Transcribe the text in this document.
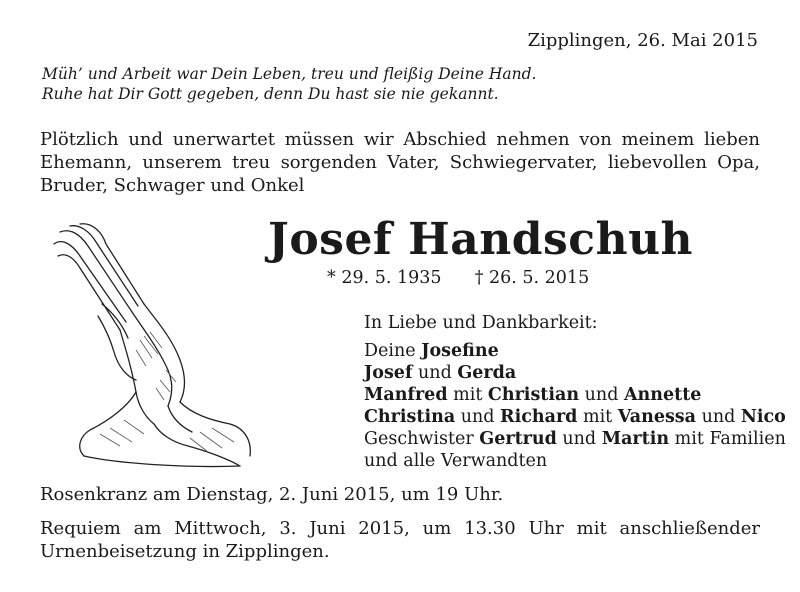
Zipplingen, 26. Mai 2015
Müh’ und Arbeit war Dein Leben, treu und fleißig Deine Hand.
Ruhe hat Dir Gott gegeben, denn Du hast sie nie gekannt.
Plötzlich und unerwartet müssen wir Abschied nehmen von meinem lieben Ehemann, unserem treu sorgenden Vater, Schwiegervater, liebevollen Opa, Bruder, Schwager und Onkel
Josef Handschuh
* 29. 5. 1935 † 26. 5. 2015
In Liebe und Dankbarkeit:
Deine Josefine
Josef und Gerda
Manfred mit Christian und Annette
Christina und Richard mit Vanessa und Nico
Geschwister Gertrud und Martin mit Familien
und alle Verwandten
Rosenkranz am Dienstag, 2. Juni 2015, um 19 Uhr.
Requiem am Mittwoch, 3. Juni 2015, um 13.30 Uhr mit anschließender Urnenbeisetzung in Zipplingen.
